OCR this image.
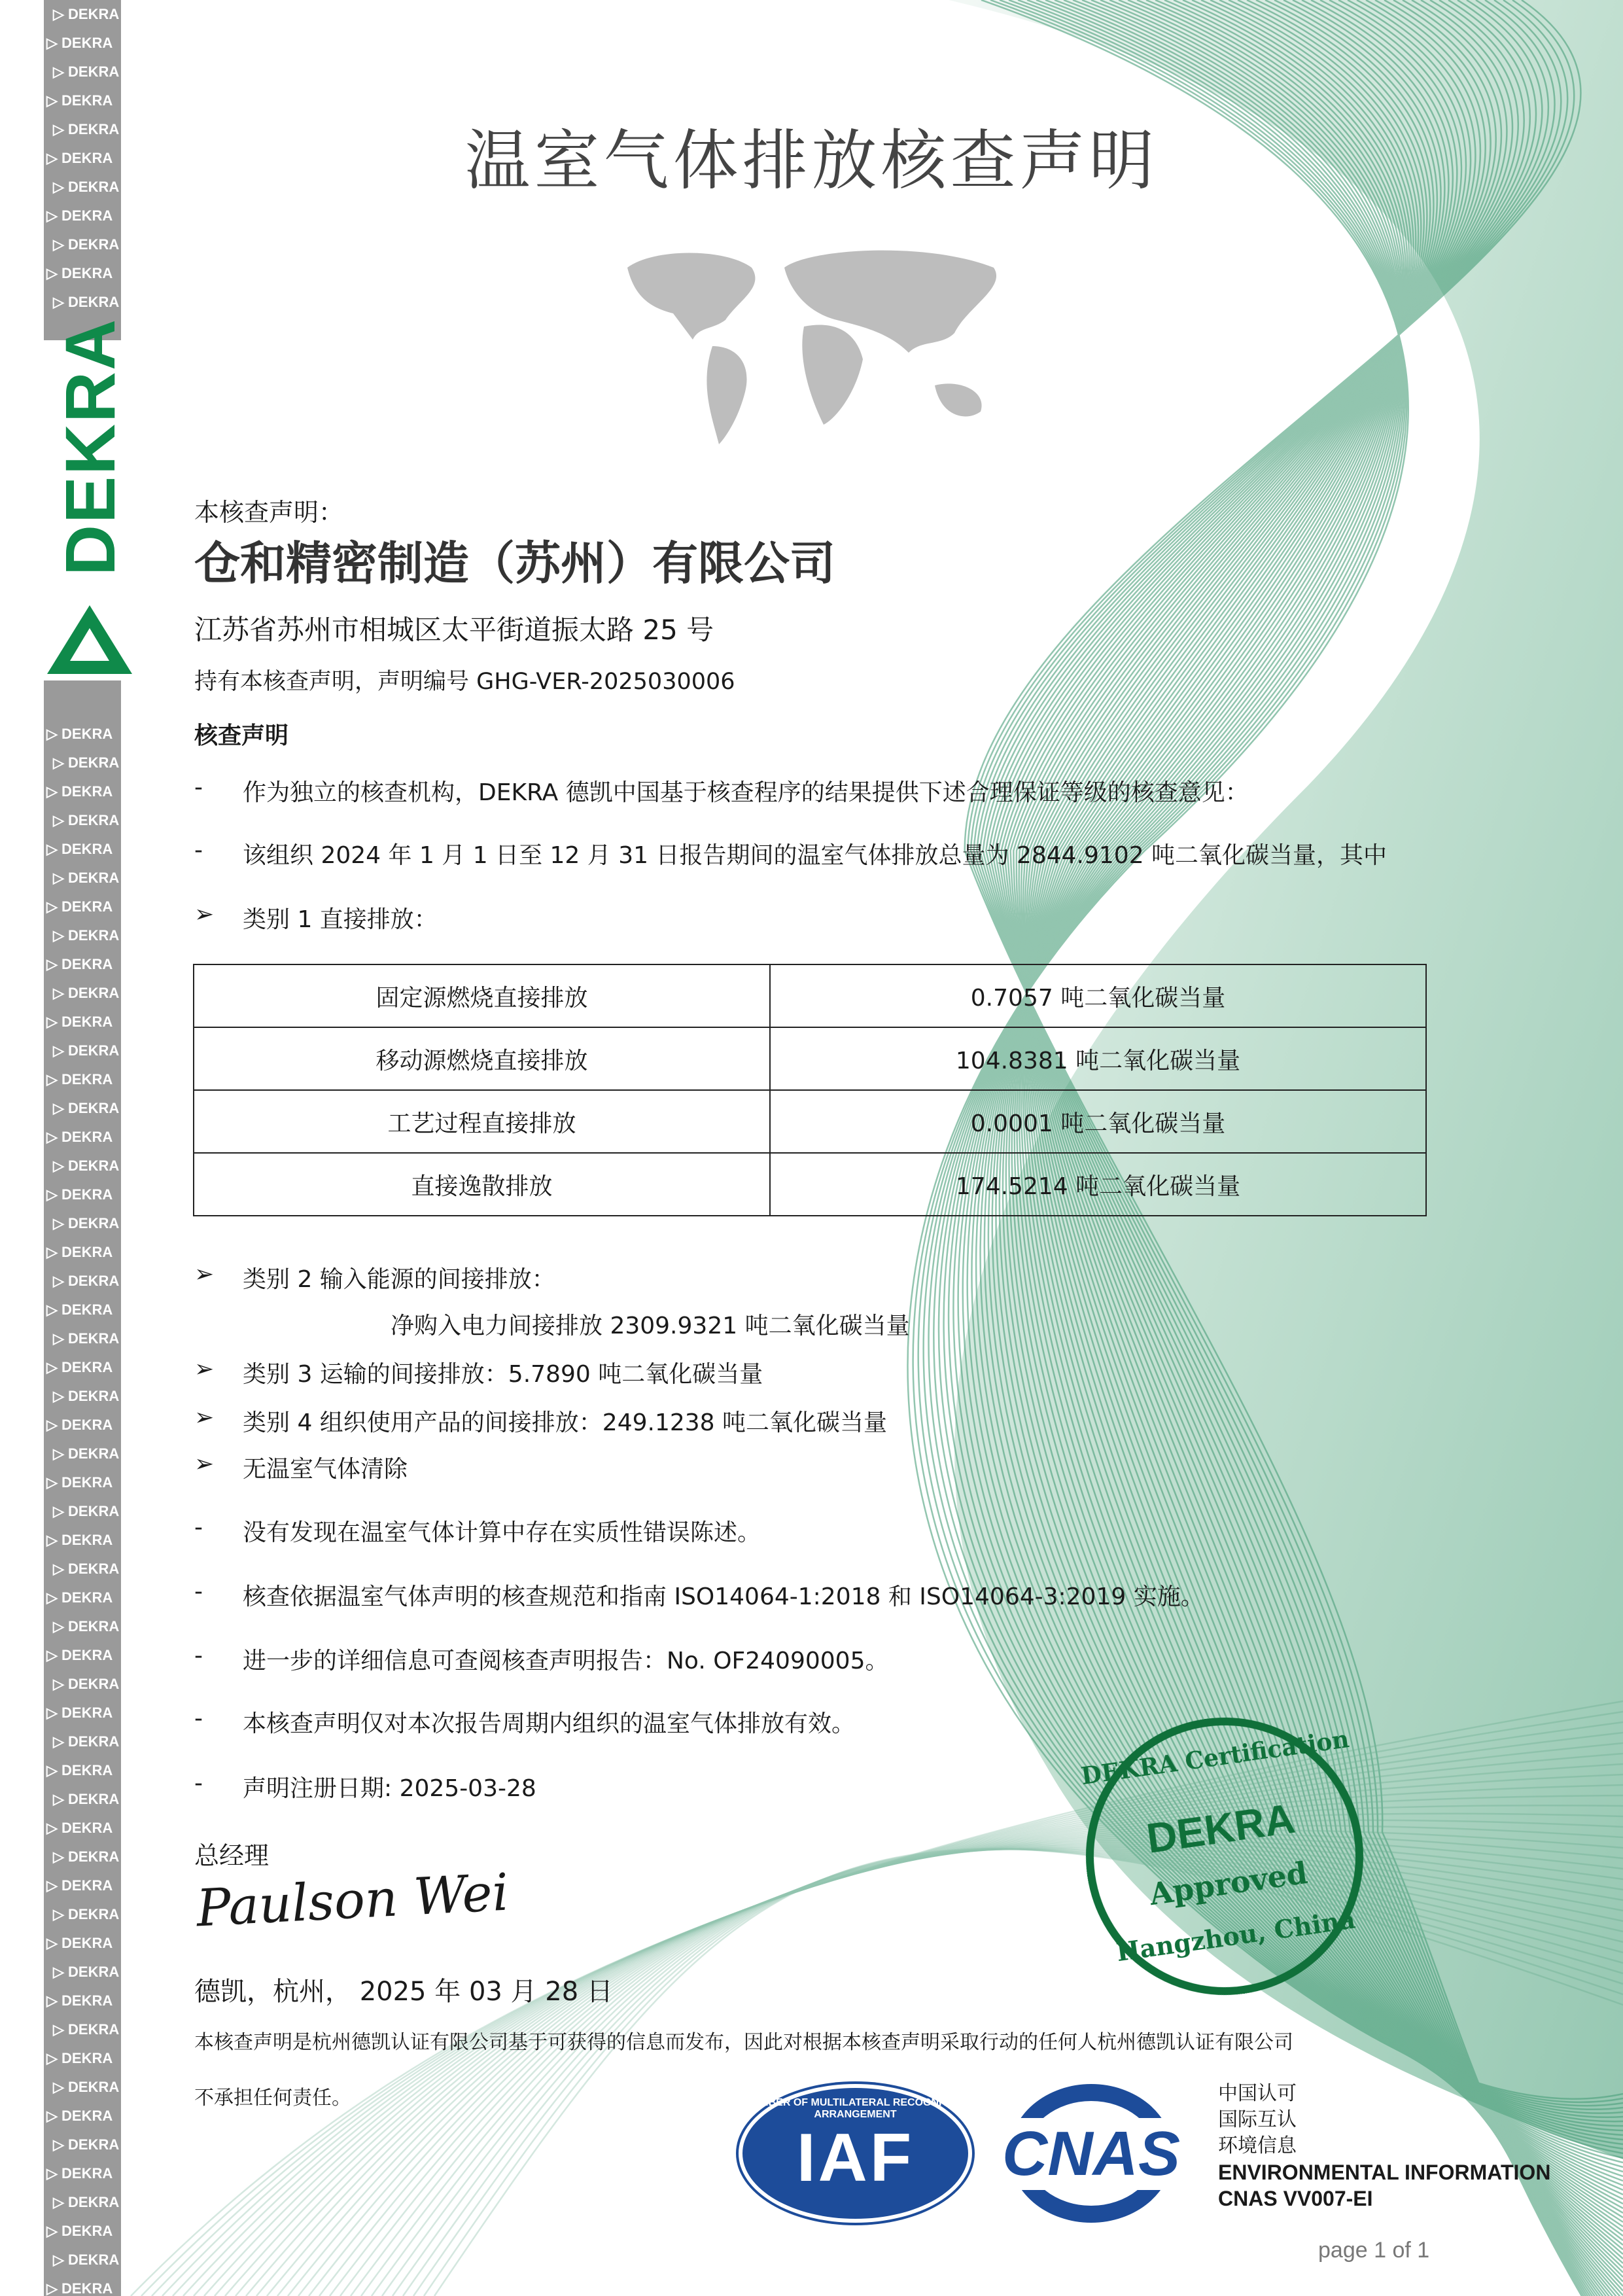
▷ DEKRA
▷ DEKRA
▷ DEKRA
▷ DEKRA
▷ DEKRA
▷ DEKRA
▷ DEKRA
▷ DEKRA
▷ DEKRA
▷ DEKRA
▷ DEKRA
▷ DEKRA
▷ DEKRA
▷ DEKRA
▷ DEKRA
▷ DEKRA
▷ DEKRA
▷ DEKRA
▷ DEKRA
▷ DEKRA
▷ DEKRA
▷ DEKRA
▷ DEKRA
▷ DEKRA
▷ DEKRA
▷ DEKRA
▷ DEKRA
▷ DEKRA
▷ DEKRA
▷ DEKRA
▷ DEKRA
▷ DEKRA
▷ DEKRA
▷ DEKRA
▷ DEKRA
▷ DEKRA
▷ DEKRA
▷ DEKRA
▷ DEKRA
▷ DEKRA
▷ DEKRA
▷ DEKRA
▷ DEKRA
▷ DEKRA
▷ DEKRA
▷ DEKRA
▷ DEKRA
▷ DEKRA
▷ DEKRA
▷ DEKRA
▷ DEKRA
▷ DEKRA
▷ DEKRA
▷ DEKRA
▷ DEKRA
▷ DEKRA
▷ DEKRA
▷ DEKRA
▷ DEKRA
▷ DEKRA
▷ DEKRA
▷ DEKRA
▷ DEKRA
▷ DEKRA
▷ DEKRA
▷ DEKRA
DEKRA
温室气体排放核查声明
本核查声明：
仓和精密制造（苏州）有限公司
江苏省苏州市相城区太平街道振太路 25 号
持有本核查声明，声明编号 GHG-VER-2025030006
核查声明
- 作为独立的核查机构，DEKRA 德凯中国基于核查程序的结果提供下述合理保证等级的核查意见：
- 该组织 2024 年 1 月 1 日至 12 月 31 日报告期间的温室气体排放总量为 2844.9102 吨二氧化碳当量，其中
➢ 类别 1 直接排放：
固定源燃烧直接排放	0.7057 吨二氧化碳当量
移动源燃烧直接排放	104.8381 吨二氧化碳当量
工艺过程直接排放	0.0001 吨二氧化碳当量
直接逸散排放	174.5214 吨二氧化碳当量
➢ 类别 2 输入能源的间接排放：
净购入电力间接排放 2309.9321 吨二氧化碳当量
➢ 类别 3 运输的间接排放：5.7890 吨二氧化碳当量
➢ 类别 4 组织使用产品的间接排放：249.1238 吨二氧化碳当量
➢ 无温室气体清除
- 没有发现在温室气体计算中存在实质性错误陈述。
- 核查依据温室气体声明的核查规范和指南 ISO14064-1:2018 和 ISO14064-3:2019 实施。
- 进一步的详细信息可查阅核查声明报告：No. OF24090005。
- 本核查声明仅对本次报告周期内组织的温室气体排放有效。
- 声明注册日期: 2025-03-28
总经理
Paulson Wei
德凯，杭州， 2025 年 03 月 28 日
本核查声明是杭州德凯认证有限公司基于可获得的信息而发布，因此对根据本核查声明采取行动的任何人杭州德凯认证有限公司
不承担任何责任。
DEKRA Certification
DEKRA
Approved
Hangzhou, China
MEMBER OF MULTILATERAL RECOGNITION ARRANGEMENT
IAF	CNAS
中国认可
国际互认
环境信息
ENVIRONMENTAL INFORMATION
CNAS VV007-EI
page 1 of 1
